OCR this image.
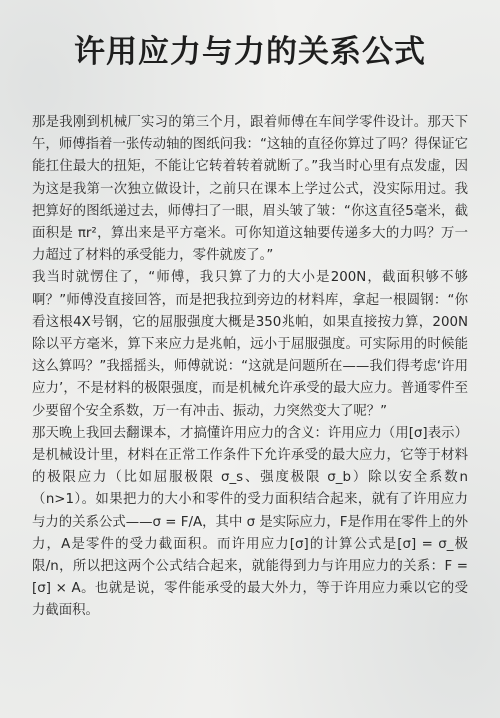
许用应力与力的关系公式

那是我刚到机械厂实习的第三个月，跟着师傅在车间学零件设计。那天下午，师傅指着一张传动轴的图纸问我：“这轴的直径你算过了吗？得保证它能扛住最大的扭矩，不能让它转着转着就断了。”我当时心里有点发虚，因为这是我第一次独立做设计，之前只在课本上学过公式，没实际用过。我把算好的图纸递过去，师傅扫了一眼，眉头皱了皱：“你这直径5毫米，截面积是 πr²，算出来是平方毫米。可你知道这轴要传递多大的力吗？万一力超过了材料的承受能力，零件就废了。”

我当时就愣住了，“师傅，我只算了力的大小是200N，截面积够不够啊？”师傅没直接回答，而是把我拉到旁边的材料库，拿起一根圆钢：“你看这根4X号钢，它的屈服强度大概是350兆帕，如果直接按力算，200N除以平方毫米，算下来应力是兆帕，远小于屈服强度。可实际用的时候能这么算吗？”我摇摇头，师傅就说：“这就是问题所在——我们得考虑‘许用应力’，不是材料的极限强度，而是机械允许承受的最大应力。普通零件至少要留个安全系数，万一有冲击、振动，力突然变大了呢？”

那天晚上我回去翻课本，才搞懂许用应力的含义：许用应力（用[σ]表示）是机械设计里，材料在正常工作条件下允许承受的最大应力，它等于材料的极限应力（比如屈服极限 σ_s、强度极限 σ_b）除以安全系数n（n>1）。如果把力的大小和零件的受力面积结合起来，就有了许用应力与力的关系公式——σ = F/A，其中 σ 是实际应力，F是作用在零件上的外力，A是零件的受力截面积。而许用应力[σ]的计算公式是[σ] = σ_极限/n，所以把这两个公式结合起来，就能得到力与许用应力的关系：F = [σ] × A。也就是说，零件能承受的最大外力，等于许用应力乘以它的受力截面积。
